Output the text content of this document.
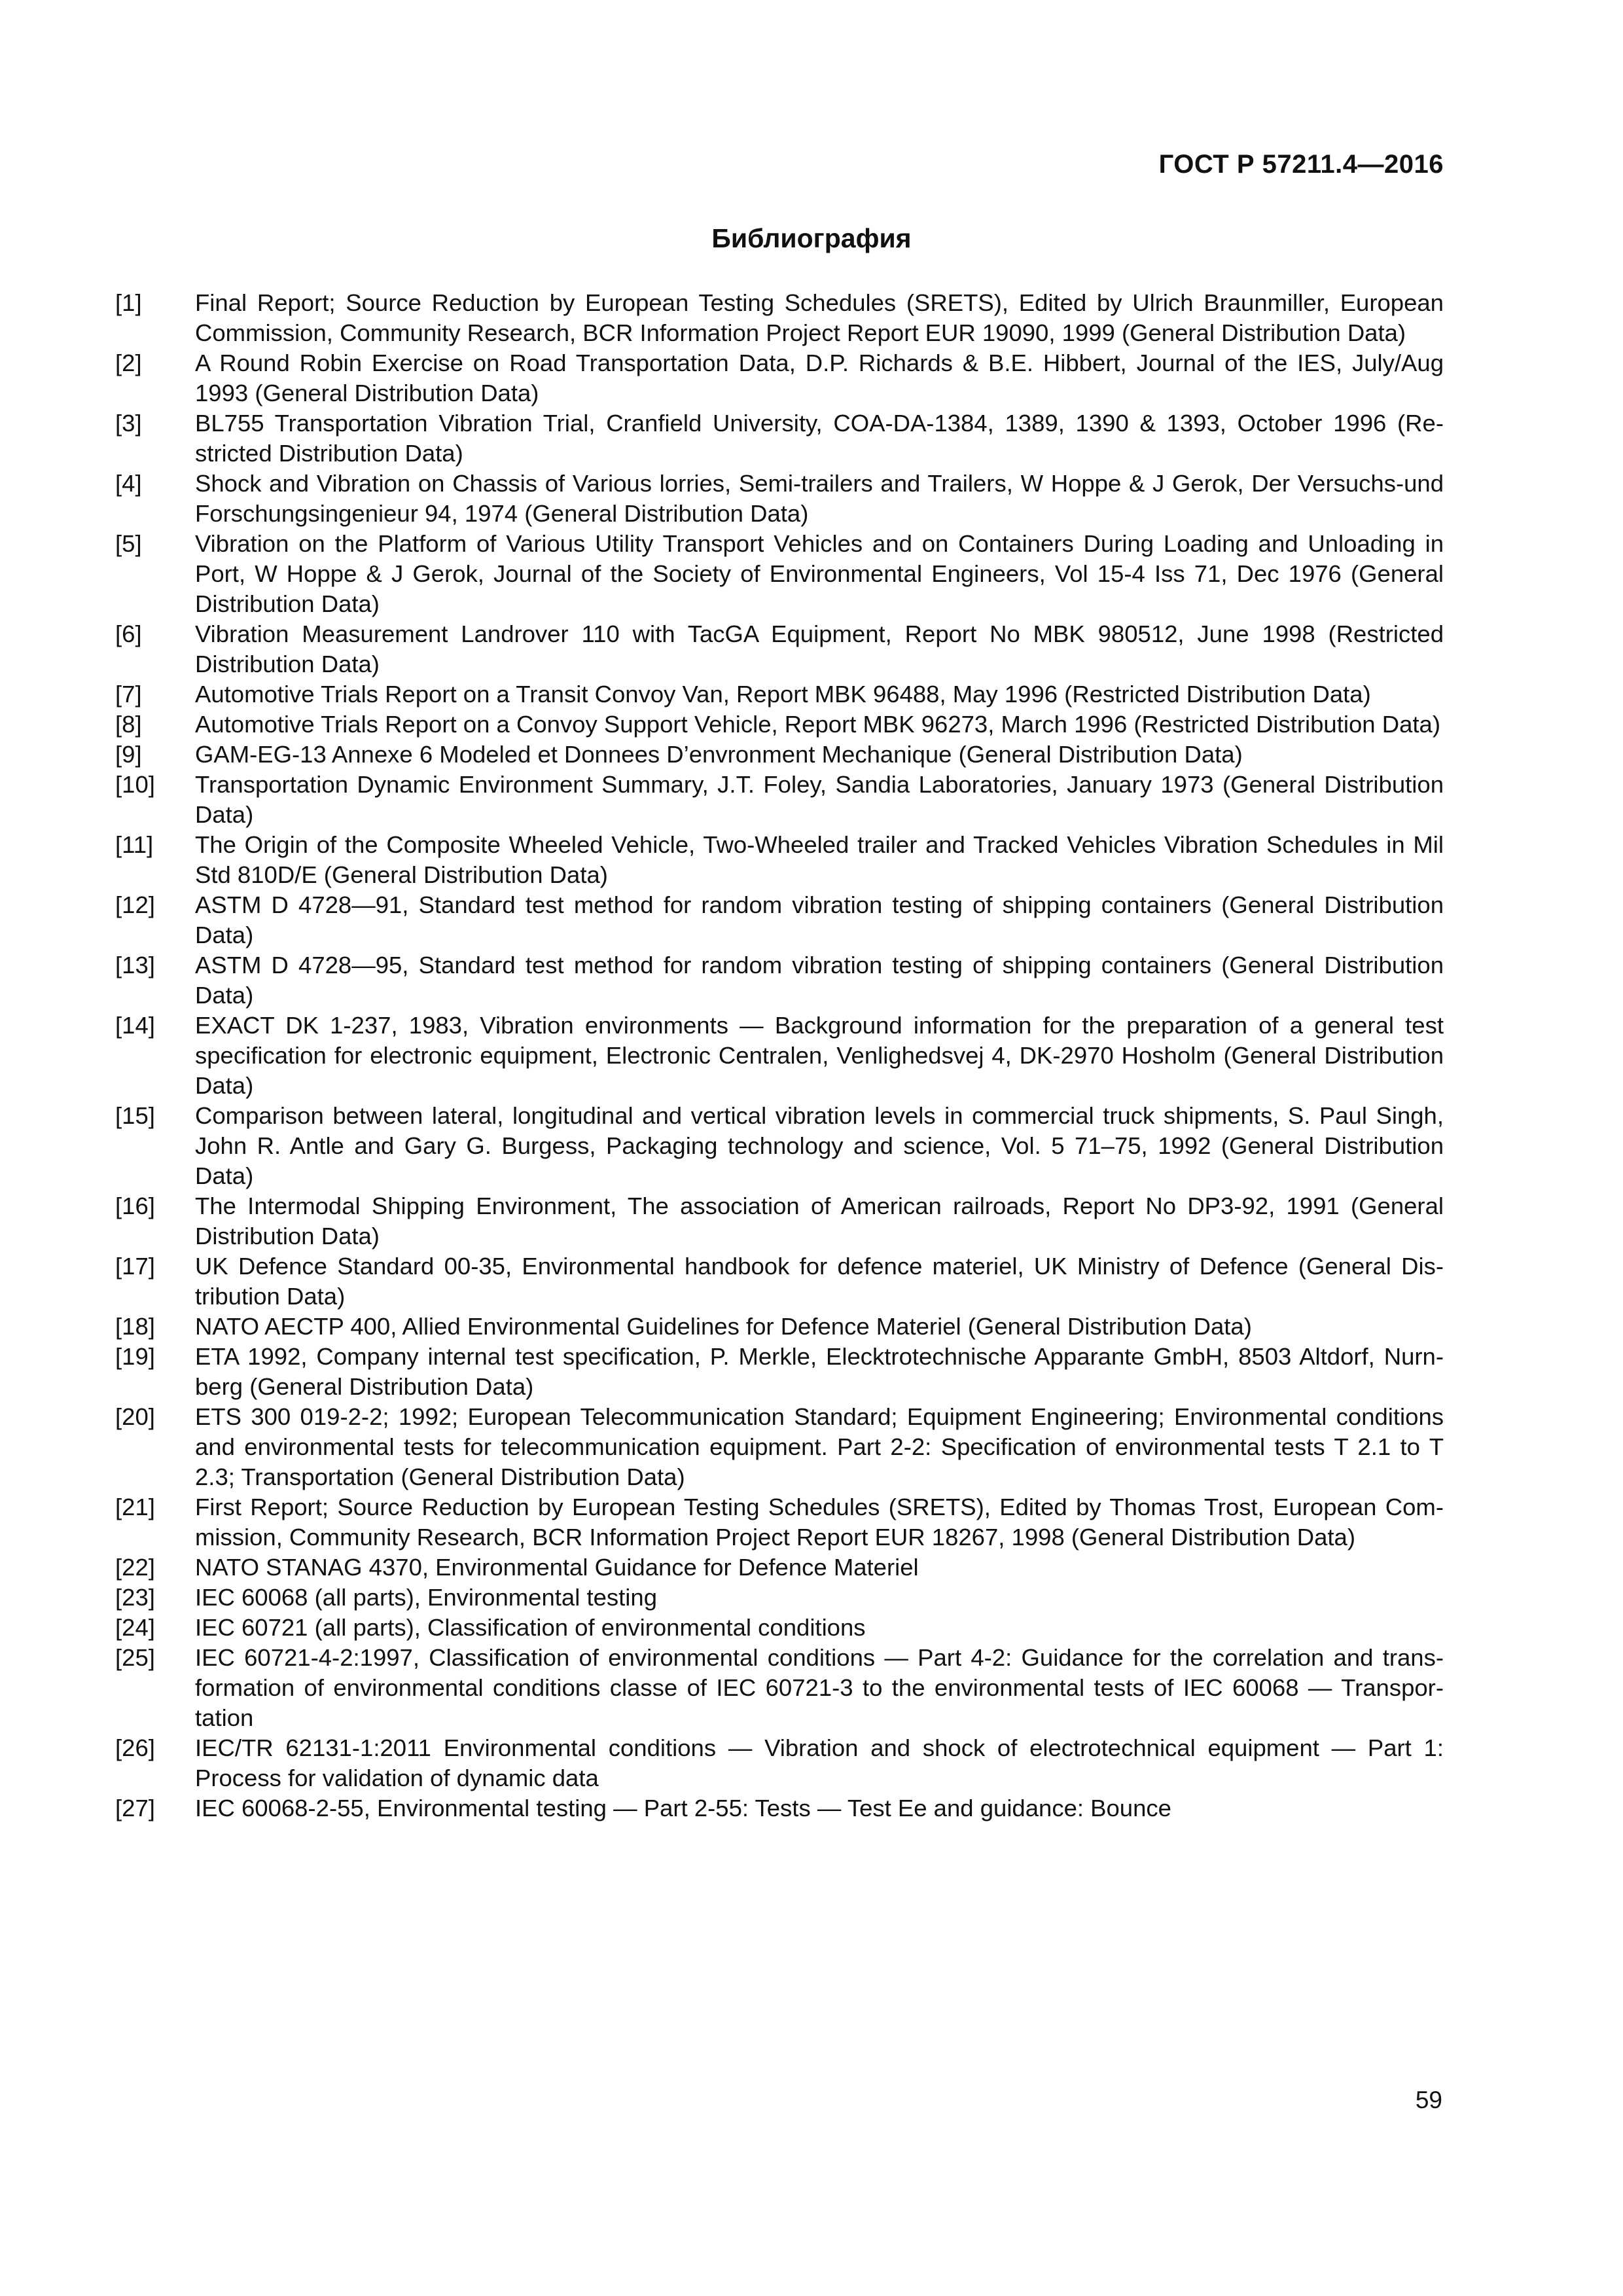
ГОСТ Р 57211.4—2016
Библиография
[1]	Final Report; Source Reduction by European Testing Schedules (SRETS), Edited by Ulrich Braunmiller, European Commission, Community Research, BCR Information Project Report EUR 19090, 1999 (General Distribution Data)
[2]	A Round Robin Exercise on Road Transportation Data, D.P. Richards & B.E. Hibbert, Journal of the IES, July/Aug 1993 (General Distribution Data)
[3]	BL755 Transportation Vibration Trial, Cranfield University, COA-DA-1384, 1389, 1390 & 1393, October 1996 (Restricted Distribution Data)
[4]	Shock and Vibration on Chassis of Various lorries, Semi-trailers and Trailers, W Hoppe & J Gerok, Der Versuchs-und Forschungsingenieur 94, 1974 (General Distribution Data)
[5]	Vibration on the Platform of Various Utility Transport Vehicles and on Containers During Loading and Unloading in Port, W Hoppe & J Gerok, Journal of the Society of Environmental Engineers, Vol 15-4 Iss 71, Dec 1976 (General Distribution Data)
[6]	Vibration Measurement Landrover 110 with TacGA Equipment, Report No MBK 980512, June 1998 (Restricted Distribution Data)
[7]	Automotive Trials Report on a Transit Convoy Van, Report MBK 96488, May 1996 (Restricted Distribution Data)
[8]	Automotive Trials Report on a Convoy Support Vehicle, Report MBK 96273, March 1996 (Restricted Distribution Data)
[9]	GAM-EG-13 Annexe 6 Modeled et Donnees D’envronment Mechanique (General Distribution Data)
[10]	Transportation Dynamic Environment Summary, J.T. Foley, Sandia Laboratories, January 1973 (General Distribution Data)
[11]	The Origin of the Composite Wheeled Vehicle, Two-Wheeled trailer and Tracked Vehicles Vibration Schedules in Mil Std 810D/E (General Distribution Data)
[12]	ASTM D 4728—91, Standard test method for random vibration testing of shipping containers (General Distribution Data)
[13]	ASTM D 4728—95, Standard test method for random vibration testing of shipping containers (General Distribution Data)
[14]	EXACT DK 1-237, 1983, Vibration environments — Background information for the preparation of a general test specification for electronic equipment, Electronic Centralen, Venlighedsvej 4, DK-2970 Hosholm (General Distribution Data)
[15]	Comparison between lateral, longitudinal and vertical vibration levels in commercial truck shipments, S. Paul Singh, John R. Antle and Gary G. Burgess, Packaging technology and science, Vol. 5 71–75, 1992 (General Distribution Data)
[16]	The Intermodal Shipping Environment, The association of American railroads, Report No DP3-92, 1991 (General Distribution Data)
[17]	UK Defence Standard 00-35, Environmental handbook for defence materiel, UK Ministry of Defence (General Distribution Data)
[18]	NATO AECTP 400, Allied Environmental Guidelines for Defence Materiel (General Distribution Data)
[19]	ETA 1992, Company internal test specification, P. Merkle, Elecktrotechnische Apparante GmbH, 8503 Altdorf, Nurnberg (General Distribution Data)
[20]	ETS 300 019-2-2; 1992; European Telecommunication Standard; Equipment Engineering; Environmental conditions and environmental tests for telecommunication equipment. Part 2-2: Specification of environmental tests T 2.1 to T 2.3; Transportation (General Distribution Data)
[21]	First Report; Source Reduction by European Testing Schedules (SRETS), Edited by Thomas Trost, European Commission, Community Research, BCR Information Project Report EUR 18267, 1998 (General Distribution Data)
[22]	NATO STANAG 4370, Environmental Guidance for Defence Materiel
[23]	IEC 60068 (all parts), Environmental testing
[24]	IEC 60721 (all parts), Classification of environmental conditions
[25]	IEC 60721-4-2:1997, Classification of environmental conditions — Part 4-2: Guidance for the correlation and transformation of environmental conditions classe of IEC 60721-3 to the environmental tests of IEC 60068 — Transportation
[26]	IEC/TR 62131-1:2011 Environmental conditions — Vibration and shock of electrotechnical equipment — Part 1: Process for validation of dynamic data
[27]	IEC 60068-2-55, Environmental testing — Part 2-55: Tests — Test Ee and guidance: Bounce
59
